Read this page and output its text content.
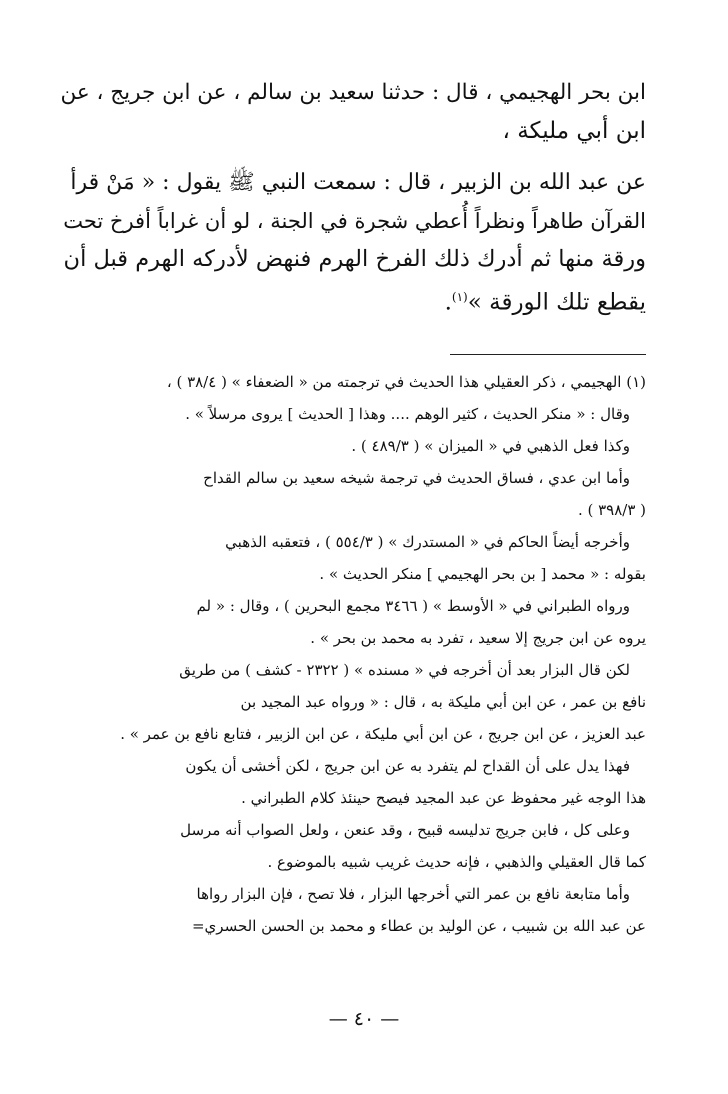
ابن بحر الهجيمي ، قال : حدثنا سعيد بن سالم ، عن ابن جريج ، عن

ابن أبي مليكة ،

عن عبد الله بن الزبير ، قال : سمعت النبي ﷺ يقول : « مَنْ قرأ

القرآن طاهراً ونظراً أُعطي شجرة في الجنة ، لو أن غراباً أفرخ تحت

ورقة منها ثم أدرك ذلك الفرخ الهرم فنهض لأدركه الهرم قبل أن

يقطع تلك الورقة »$^{(١)}$.

(١) الهجيمي ، ذكر العقيلي هذا الحديث في ترجمته من « الضعفاء » ( ٣٨/٤ ) ،

وقال : « منكر الحديث ، كثير الوهم .... وهذا [ الحديث ] يروى مرسلاً » .

وكذا فعل الذهبي في « الميزان » ( ٤٨٩/٣ ) .

وأما ابن عدي ، فساق الحديث في ترجمة شيخه سعيد بن سالم القداح

( ٣٩٨/٣ ) .

وأخرجه أيضاً الحاكم في « المستدرك » ( ٥٥٤/٣ ) ، فتعقبه الذهبي

بقوله : « محمد [ بن بحر الهجيمي ] منكر الحديث » .

ورواه الطبراني في « الأوسط » ( ٣٤٦٦ مجمع البحرين ) ، وقال : « لم

يروه عن ابن جريج إلا سعيد ، تفرد به محمد بن بحر » .

لكن قال البزار بعد أن أخرجه في « مسنده » ( ٢٣٢٢ - كشف ) من طريق

نافع بن عمر ، عن ابن أبي مليكة به ، قال : « ورواه عبد المجيد بن

عبد العزيز ، عن ابن جريج ، عن ابن أبي مليكة ، عن ابن الزبير ، فتابع نافع بن عمر » .

فهذا يدل على أن القداح لم يتفرد به عن ابن جريج ، لكن أخشى أن يكون

هذا الوجه غير محفوظ عن عبد المجيد فيصح حينئذ كلام الطبراني .

وعلى كل ، فابن جريج تدليسه قبيح ، وقد عنعن ، ولعل الصواب أنه مرسل

كما قال العقيلي والذهبي ، فإنه حديث غريب شبيه بالموضوع .

وأما متابعة نافع بن عمر التي أخرجها البزار ، فلا تصح ، فإن البزار رواها

عن عبد الله بن شبيب ، عن الوليد بن عطاء و محمد بن الحسن الحسري=

— ٤٠ —
